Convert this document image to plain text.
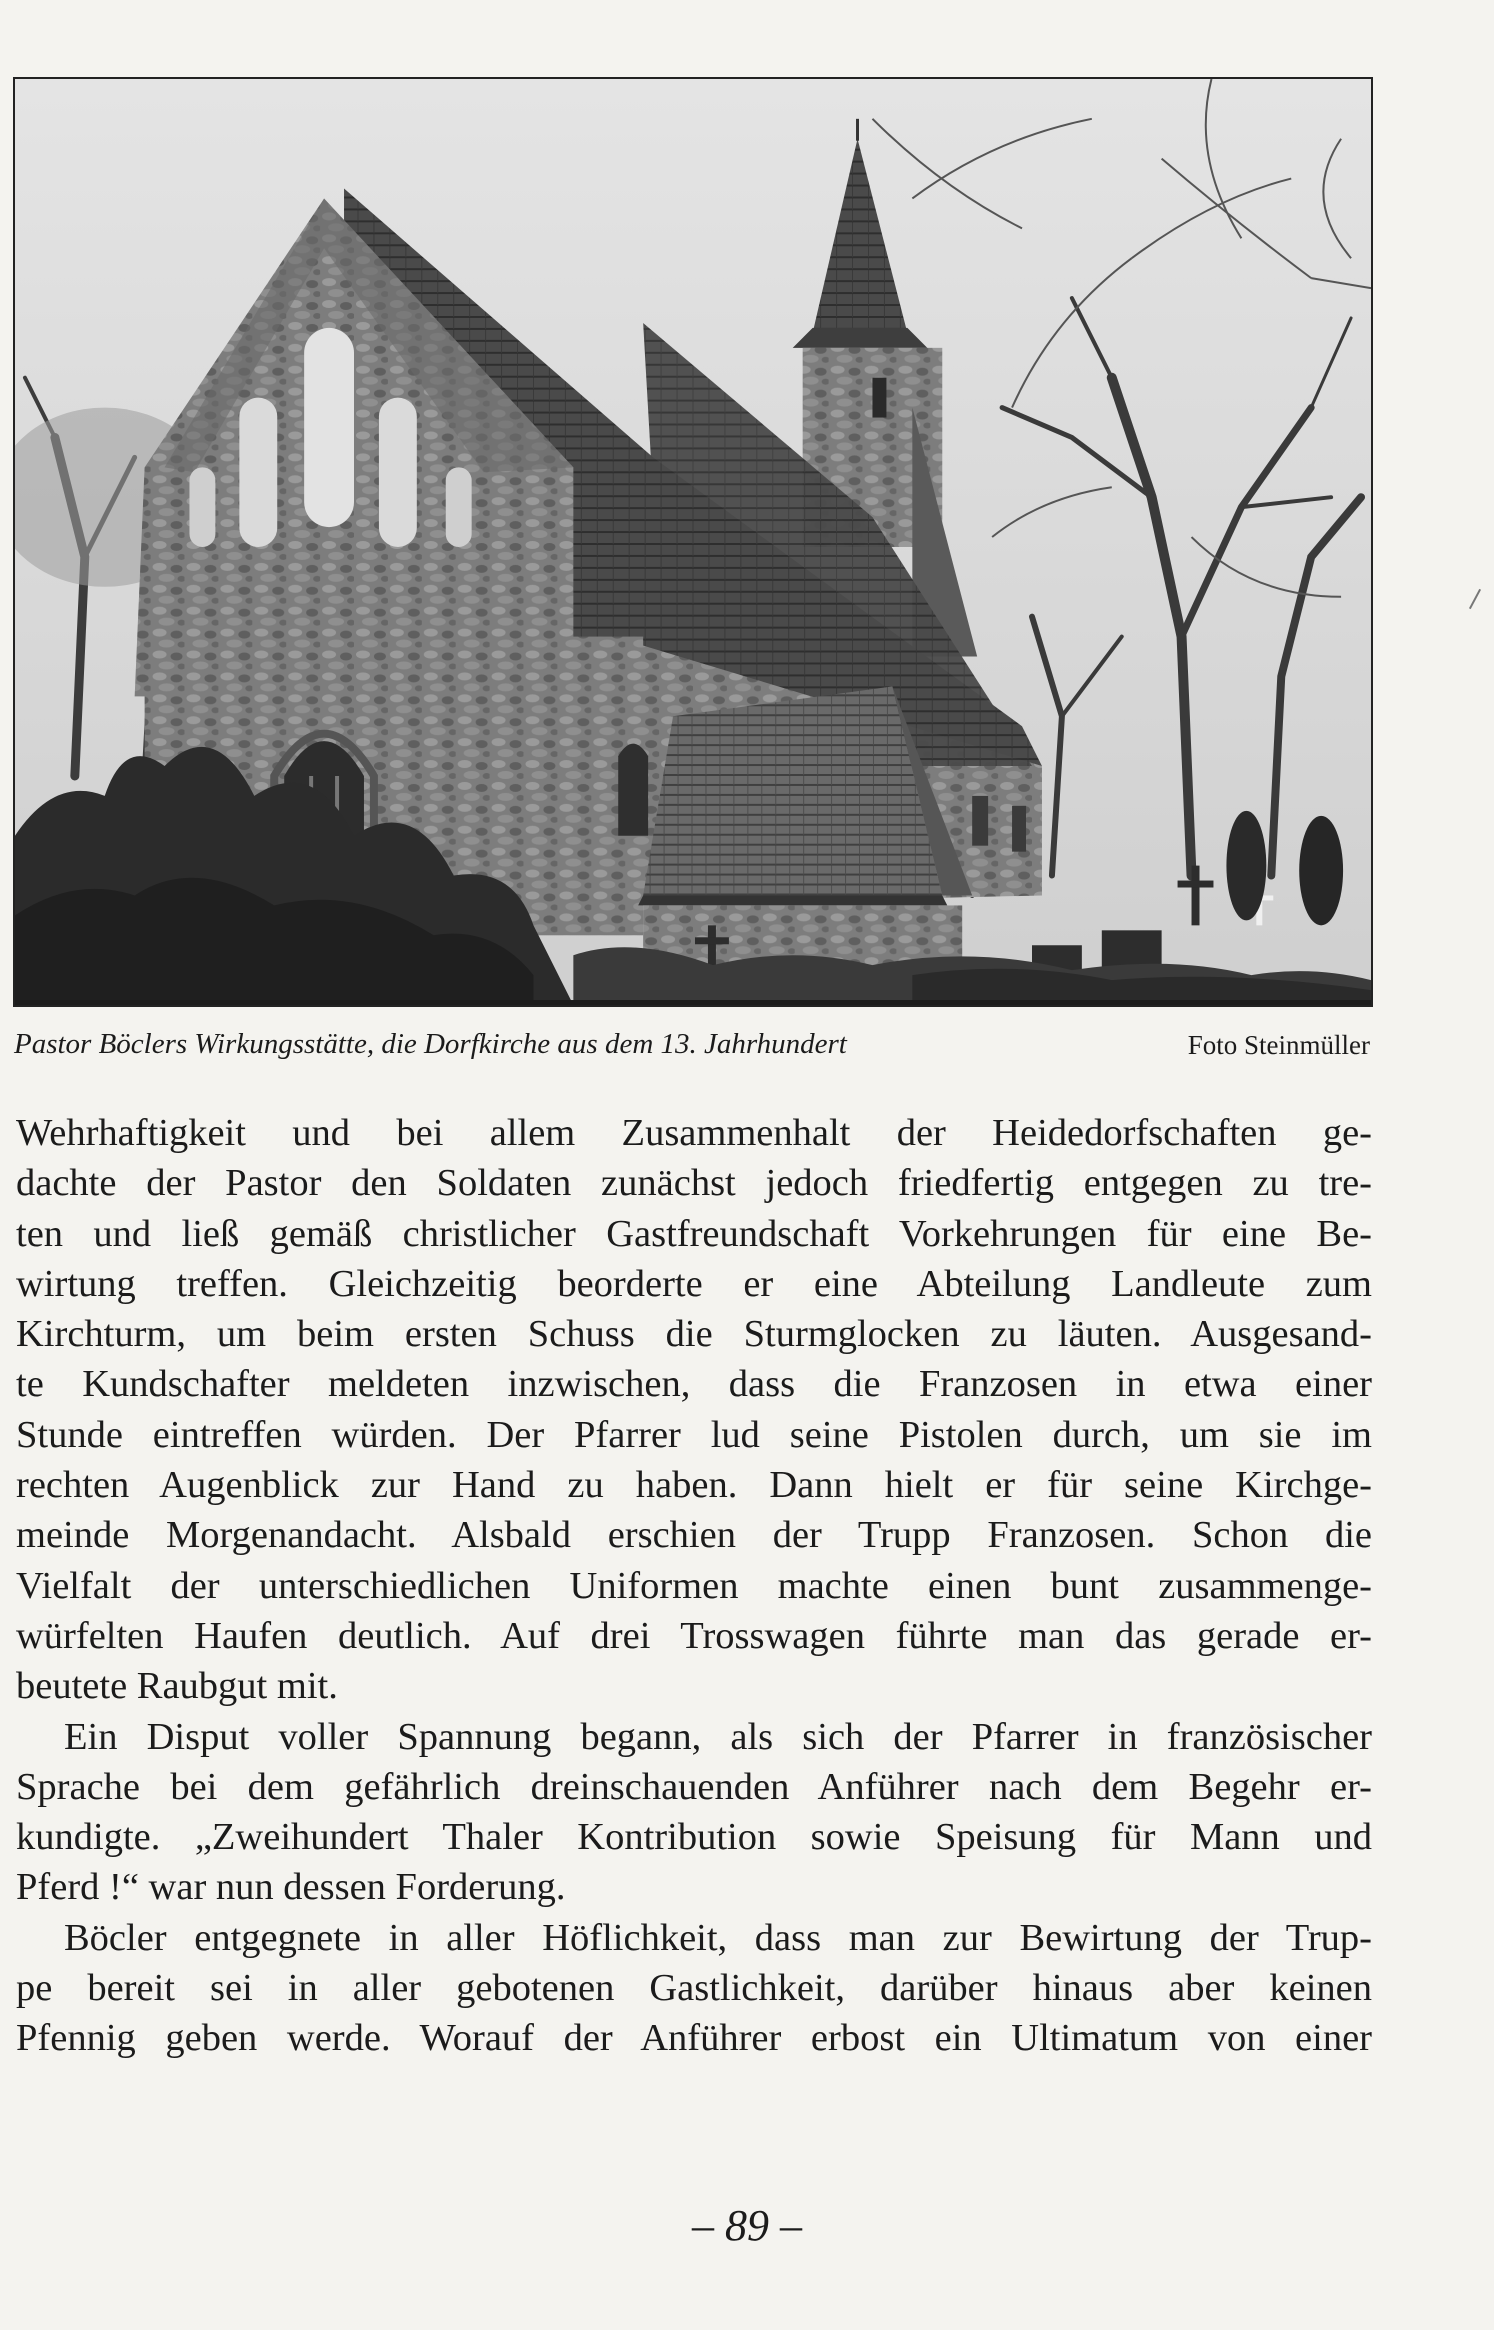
Pastor Böclers Wirkungsstätte, die Dorfkirche aus dem 13. Jahrhundert	Foto Steinmüller
Wehrhaftigkeit und bei allem Zusammenhalt der Heidedorfschaften ge-
dachte der Pastor den Soldaten zunächst jedoch friedfertig entgegen zu tre-
ten und ließ gemäß christlicher Gastfreundschaft Vorkehrungen für eine Be-
wirtung treffen. Gleichzeitig beorderte er eine Abteilung Landleute zum
Kirchturm, um beim ersten Schuss die Sturmglocken zu läuten. Ausgesand-
te Kundschafter meldeten inzwischen, dass die Franzosen in etwa einer
Stunde eintreffen würden. Der Pfarrer lud seine Pistolen durch, um sie im
rechten Augenblick zur Hand zu haben. Dann hielt er für seine Kirchge-
meinde Morgenandacht. Alsbald erschien der Trupp Franzosen. Schon die
Vielfalt der unterschiedlichen Uniformen machte einen bunt zusammenge-
würfelten Haufen deutlich. Auf drei Trosswagen führte man das gerade er-
beutete Raubgut mit.
Ein Disput voller Spannung begann, als sich der Pfarrer in französischer
Sprache bei dem gefährlich dreinschauenden Anführer nach dem Begehr er-
kundigte. „Zweihundert Thaler Kontribution sowie Speisung für Mann und
Pferd !“ war nun dessen Forderung.
Böcler entgegnete in aller Höflichkeit, dass man zur Bewirtung der Trup-
pe bereit sei in aller gebotenen Gastlichkeit, darüber hinaus aber keinen
Pfennig geben werde. Worauf der Anführer erbost ein Ultimatum von einer
– 89 –
